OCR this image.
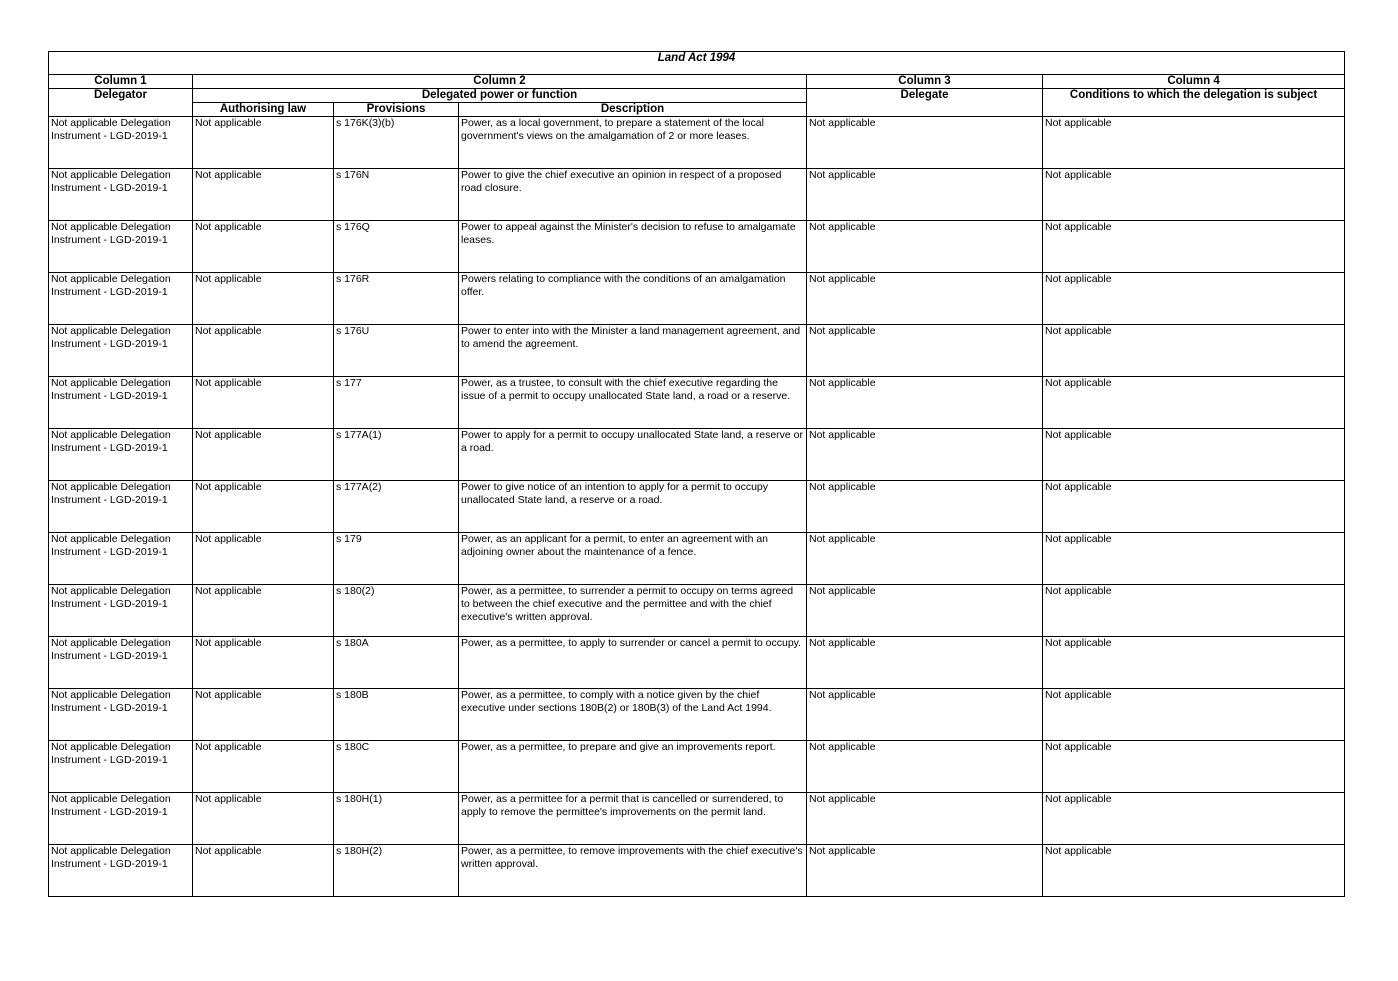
Land Act 1994					
Column 1	Column 2			Column 3	Column 4
Delegator	Delegated power or function			Delegate	Conditions to which the delegation is subject
	Authorising law	Provisions	Description		
Not applicable Delegation Instrument - LGD-2019-1	Not applicable	s 176K(3)(b)	Power, as a local government, to prepare a statement of the local government's views on the amalgamation of 2 or more leases.	Not applicable	Not applicable
Not applicable Delegation Instrument - LGD-2019-1	Not applicable	s 176N	Power to give the chief executive an opinion in respect of a proposed road closure.	Not applicable	Not applicable
Not applicable Delegation Instrument - LGD-2019-1	Not applicable	s 176Q	Power to appeal against the Minister's decision to refuse to amalgamate leases.	Not applicable	Not applicable
Not applicable Delegation Instrument - LGD-2019-1	Not applicable	s 176R	Powers relating to compliance with the conditions of an amalgamation offer.	Not applicable	Not applicable
Not applicable Delegation Instrument - LGD-2019-1	Not applicable	s 176U	Power to enter into with the Minister a land management agreement, and to amend the agreement.	Not applicable	Not applicable
Not applicable Delegation Instrument - LGD-2019-1	Not applicable	s 177	Power, as a trustee, to consult with the chief executive regarding the issue of a permit to occupy unallocated State land, a road or a reserve.	Not applicable	Not applicable
Not applicable Delegation Instrument - LGD-2019-1	Not applicable	s 177A(1)	Power to apply for a permit to occupy unallocated State land, a reserve or a road.	Not applicable	Not applicable
Not applicable Delegation Instrument - LGD-2019-1	Not applicable	s 177A(2)	Power to give notice of an intention to apply for a permit to occupy unallocated State land, a reserve or a road.	Not applicable	Not applicable
Not applicable Delegation Instrument - LGD-2019-1	Not applicable	s 179	Power, as an applicant for a permit, to enter an agreement with an adjoining owner about the maintenance of a fence.	Not applicable	Not applicable
Not applicable Delegation Instrument - LGD-2019-1	Not applicable	s 180(2)	Power, as a permittee, to surrender a permit to occupy on terms agreed to between the chief executive and the permittee and with the chief executive's written approval.	Not applicable	Not applicable
Not applicable Delegation Instrument - LGD-2019-1	Not applicable	s 180A	Power, as a permittee, to apply to surrender or cancel a permit to occupy.	Not applicable	Not applicable
Not applicable Delegation Instrument - LGD-2019-1	Not applicable	s 180B	Power, as a permittee, to comply with a notice given by the chief executive under sections 180B(2) or 180B(3) of the Land Act 1994.	Not applicable	Not applicable
Not applicable Delegation Instrument - LGD-2019-1	Not applicable	s 180C	Power, as a permittee, to prepare and give an improvements report.	Not applicable	Not applicable
Not applicable Delegation Instrument - LGD-2019-1	Not applicable	s 180H(1)	Power, as a permittee for a permit that is cancelled or surrendered, to apply to remove the permittee's improvements on the permit land.	Not applicable	Not applicable
Not applicable Delegation Instrument - LGD-2019-1	Not applicable	s 180H(2)	Power, as a permittee, to remove improvements with the chief executive's written approval.	Not applicable	Not applicable
